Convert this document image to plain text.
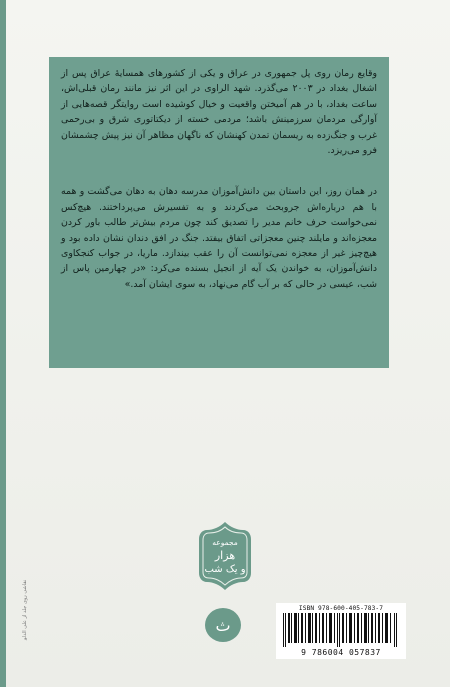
وقایع رمان روی پل جمهوری در عراق و یکی از کشورهای همسایهٔ عراق پس از اشغال بغداد در ۲۰۰۳ می‌گذرد. شهد الراوی در این اثر نیز مانند رمان قبلی‌اش، ساعت بغداد، با در هم آمیختن واقعیت و خیال کوشیده است روایتگر قصه‌هایی از آوارگی مردمان سرزمینش باشد؛ مردمی خسته از دیکتاتوری شرق و بی‌رحمی غرب و جنگ‌زده به ریسمان تمدن کهنشان که ناگهان مظاهر آن نیز پیش چشمشان فرو می‌ریزد.

در همان روز، این داستان بین دانش‌آموزان مدرسه دهان به دهان می‌گشت و همه با هم درباره‌اش جروبحث می‌کردند و به تفسیرش می‌پرداختند. هیچ‌کس نمی‌خواست حرف خانم مدیر را تصدیق کند چون مردم بیش‌تر طالب باور کردن معجزه‌اند و مایلند چنین معجزاتی اتفاق بیفتد. جنگ در افق دندان نشان داده بود و هیچ‌چیز غیر از معجزه نمی‌توانست آن را عقب بیندازد. ماریا، در جواب کنجکاوی دانش‌آموزان، به خواندن یک آیه از انجیل بسنده می‌کرد: «در چهارمین پاس از شب، عیسی در حالی که بر آب گام می‌نهاد، به سوی ایشان آمد.»

نقاشی روی جلد از علی الدلو
مجموعه
هزار
و یک شب
ث
ISBN 978-600-405-783-7
9 786004 057837
